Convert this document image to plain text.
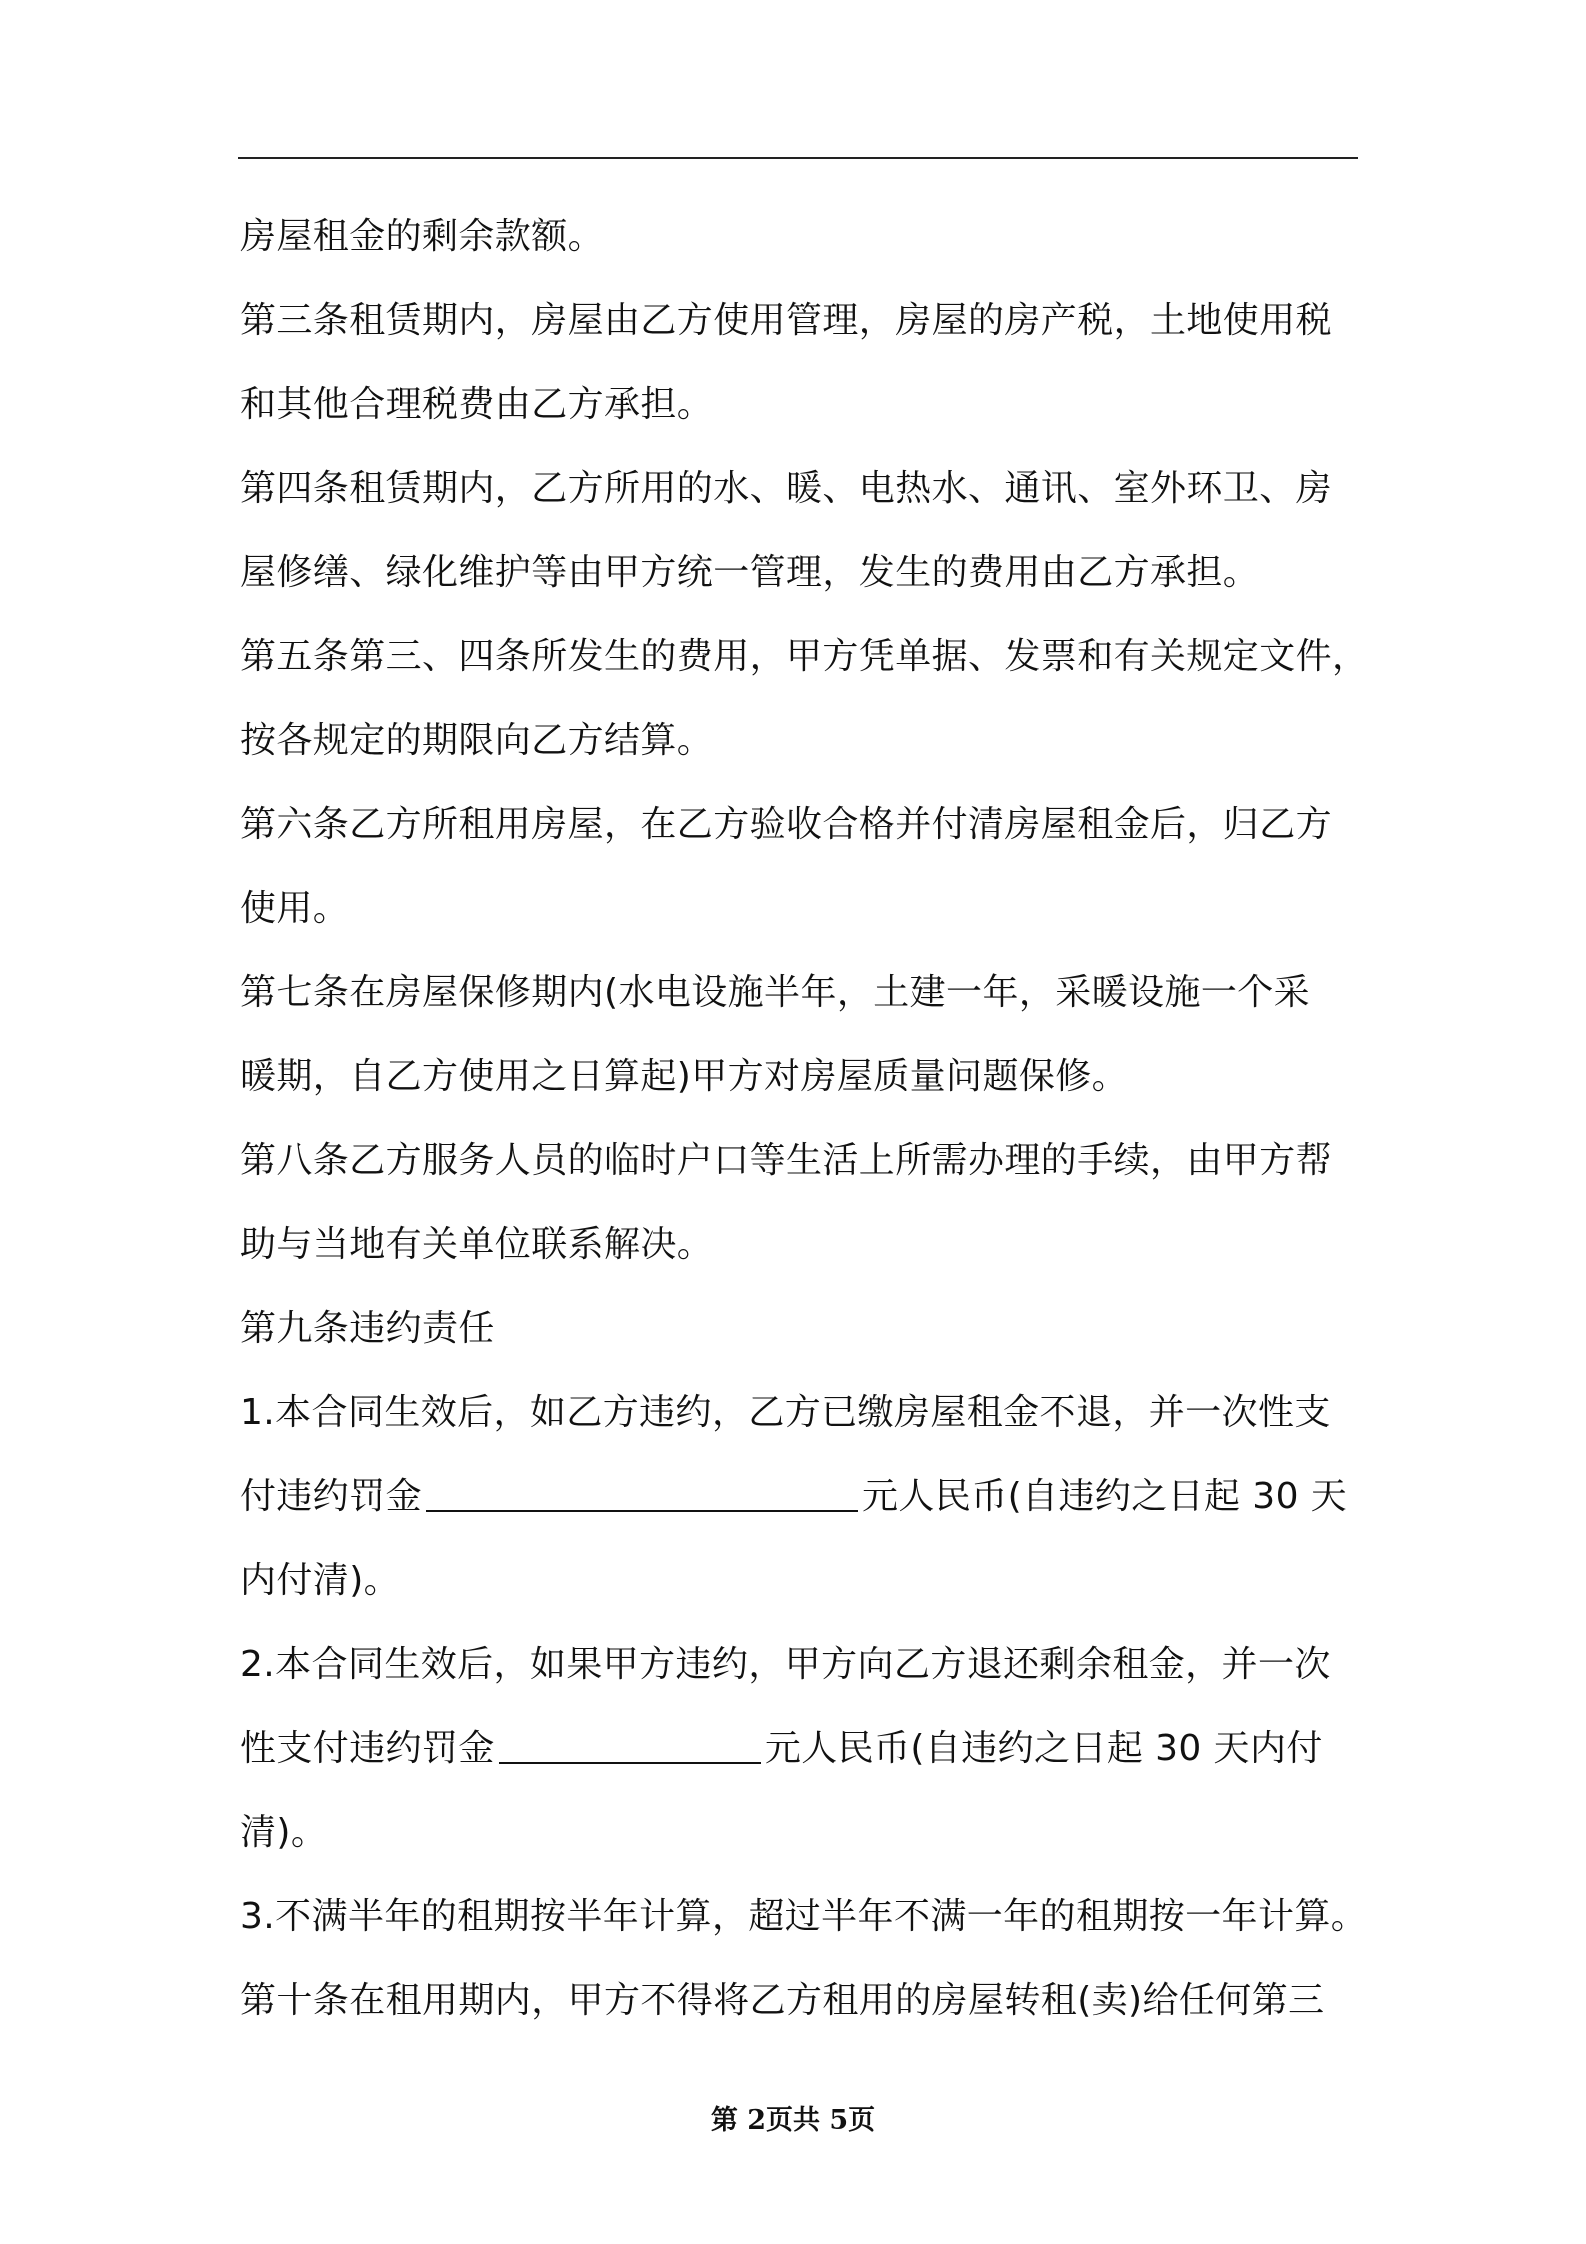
房屋租金的剩余款额。
第三条租赁期内，房屋由乙方使用管理，房屋的房产税，土地使用税
和其他合理税费由乙方承担。
第四条租赁期内，乙方所用的水、暖、电热水、通讯、室外环卫、房
屋修缮、绿化维护等由甲方统一管理，发生的费用由乙方承担。
第五条第三、四条所发生的费用，甲方凭单据、发票和有关规定文件，
按各规定的期限向乙方结算。
第六条乙方所租用房屋，在乙方验收合格并付清房屋租金后，归乙方
使用。
第七条在房屋保修期内(水电设施半年，土建一年，采暖设施一个采
暖期，自乙方使用之日算起)甲方对房屋质量问题保修。
第八条乙方服务人员的临时户口等生活上所需办理的手续，由甲方帮
助与当地有关单位联系解决。
第九条违约责任
1.本合同生效后，如乙方违约，乙方已缴房屋租金不退，并一次性支
付违约罚金	元人民币(自违约之日起 30 天
内付清)。
2.本合同生效后，如果甲方违约，甲方向乙方退还剩余租金，并一次
性支付违约罚金	元人民币(自违约之日起 30 天内付
清)。
3.不满半年的租期按半年计算，超过半年不满一年的租期按一年计算。
第十条在租用期内，甲方不得将乙方租用的房屋转租(卖)给任何第三
第 2页共 5页
